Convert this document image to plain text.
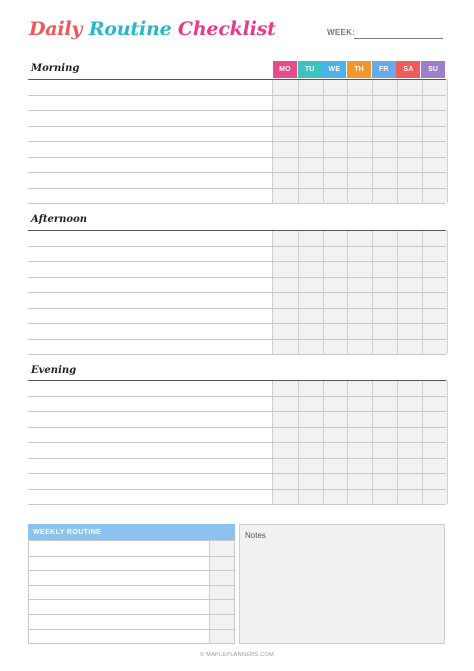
Daily Routine Checklist	WEEK:
MO	TU	WE	TH	FR	SA	SU
Morning
Afternoon
Evening
WEEKLY ROUTINE	Notes
© MAPLEPLANNERS.COM
